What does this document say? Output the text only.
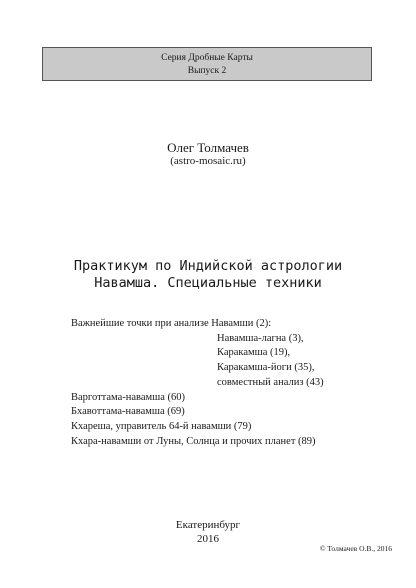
Серия Дробные Карты
Выпуск 2
Олег Толмачев
(astro-mosaic.ru)
Практикум по Индийской астрологии
Навамша. Специальные техники
Важнейшие точки при анализе Навамши (2):
Навамша-лагна (3),
Каракамша (19),
Каракамша-йоги (35),
совместный анализ (43)
Варготтама-навамша (60)
Бхавоттама-навамша (69)
Кхареша, управитель 64-й навамши (79)
Кхара-навамши от Луны, Солнца и прочих планет (89)
Екатеринбург
2016
© Толмачев О.В., 2016
